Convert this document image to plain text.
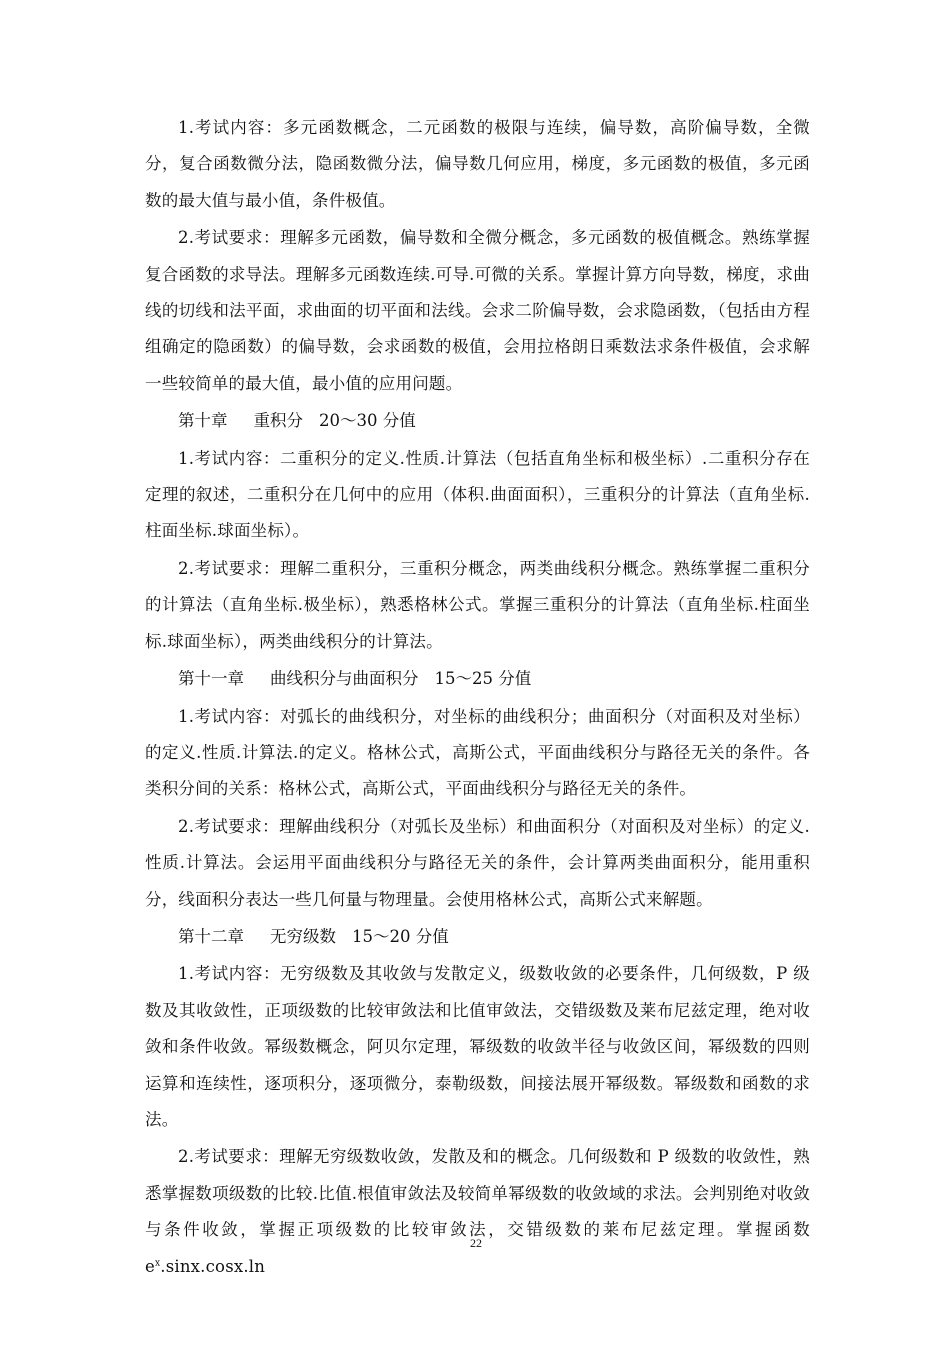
1.考试内容：多元函数概念，二元函数的极限与连续，偏导数，高阶偏导数，全微分，复合函数微分法，隐函数微分法，偏导数几何应用，梯度，多元函数的极值，多元函数的最大值与最小值，条件极值。

2.考试要求：理解多元函数，偏导数和全微分概念，多元函数的极值概念。熟练掌握复合函数的求导法。理解多元函数连续.可导.可微的关系。掌握计算方向导数，梯度，求曲线的切线和法平面，求曲面的切平面和法线。会求二阶偏导数，会求隐函数，（包括由方程组确定的隐函数）的偏导数，会求函数的极值，会用拉格朗日乘数法求条件极值，会求解一些较简单的最大值，最小值的应用问题。

第十章 重积分 20～30 分值

1.考试内容：二重积分的定义.性质.计算法（包括直角坐标和极坐标）.二重积分存在定理的叙述，二重积分在几何中的应用（体积.曲面面积），三重积分的计算法（直角坐标.柱面坐标.球面坐标）。

2.考试要求：理解二重积分，三重积分概念，两类曲线积分概念。熟练掌握二重积分的计算法（直角坐标.极坐标），熟悉格林公式。掌握三重积分的计算法（直角坐标.柱面坐标.球面坐标），两类曲线积分的计算法。

第十一章 曲线积分与曲面积分 15～25 分值

1.考试内容：对弧长的曲线积分，对坐标的曲线积分；曲面积分（对面积及对坐标）的定义.性质.计算法.的定义。格林公式，高斯公式，平面曲线积分与路径无关的条件。各类积分间的关系：格林公式，高斯公式，平面曲线积分与路径无关的条件。

2.考试要求：理解曲线积分（对弧长及坐标）和曲面积分（对面积及对坐标）的定义.性质.计算法。会运用平面曲线积分与路径无关的条件，会计算两类曲面积分，能用重积分，线面积分表达一些几何量与物理量。会使用格林公式，高斯公式来解题。

第十二章 无穷级数 15～20 分值

1.考试内容：无穷级数及其收敛与发散定义，级数收敛的必要条件，几何级数，P 级数及其收敛性，正项级数的比较审敛法和比值审敛法，交错级数及莱布尼兹定理，绝对收敛和条件收敛。幂级数概念，阿贝尔定理，幂级数的收敛半径与收敛区间，幂级数的四则运算和连续性，逐项积分，逐项微分，泰勒级数，间接法展开幂级数。幂级数和函数的求法。

2.考试要求：理解无穷级数收敛，发散及和的概念。几何级数和 P 级数的收敛性，熟悉掌握数项级数的比较.比值.根值审敛法及较简单幂级数的收敛域的求法。会判别绝对收敛与条件收敛，掌握正项级数的比较审敛法，交错级数的莱布尼兹定理。掌握函数 $e^x.\sin x.\cos x.\ln$

22
